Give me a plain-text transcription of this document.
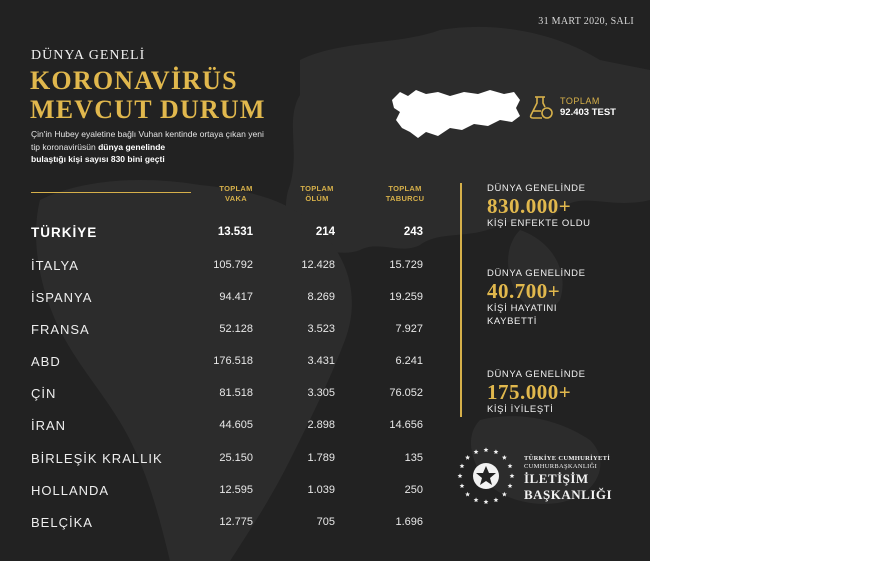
31 MART 2020, SALI
DÜNYA GENELİ
KORONAVİRÜS
MEVCUT DURUM
Çin'in Hubey eyaletine bağlı Vuhan kentinde ortaya çıkan yeni tip koronavirüsün dünya genelinde
bulaştığı kişi sayısı 830 bini geçti
TOPLAM
92.403 TEST
TOPLAM
VAKA
TOPLAM
ÖLÜM
TOPLAM
TABURCU
TÜRKİYE	13.531	214	243
İTALYA	105.792	12.428	15.729
İSPANYA	94.417	8.269	19.259
FRANSA	52.128	3.523	7.927
ABD	176.518	3.431	6.241
ÇİN	81.518	3.305	76.052
İRAN	44.605	2.898	14.656
BİRLEŞİK KRALLIK	25.150	1.789	135
HOLLANDA	12.595	1.039	250
BELÇİKA	12.775	705	1.696
DÜNYA GENELİNDE
830.000+
KİŞİ ENFEKTE OLDU
DÜNYA GENELİNDE
40.700+
KİŞİ HAYATINI
KAYBETTİ
DÜNYA GENELİNDE
175.000+
KİŞİ İYİLEŞTİ
TÜRKİYE CUMHURİYETİ
CUMHURBAŞKANLIĞI
İLETİŞİM
BAŞKANLIĞI
